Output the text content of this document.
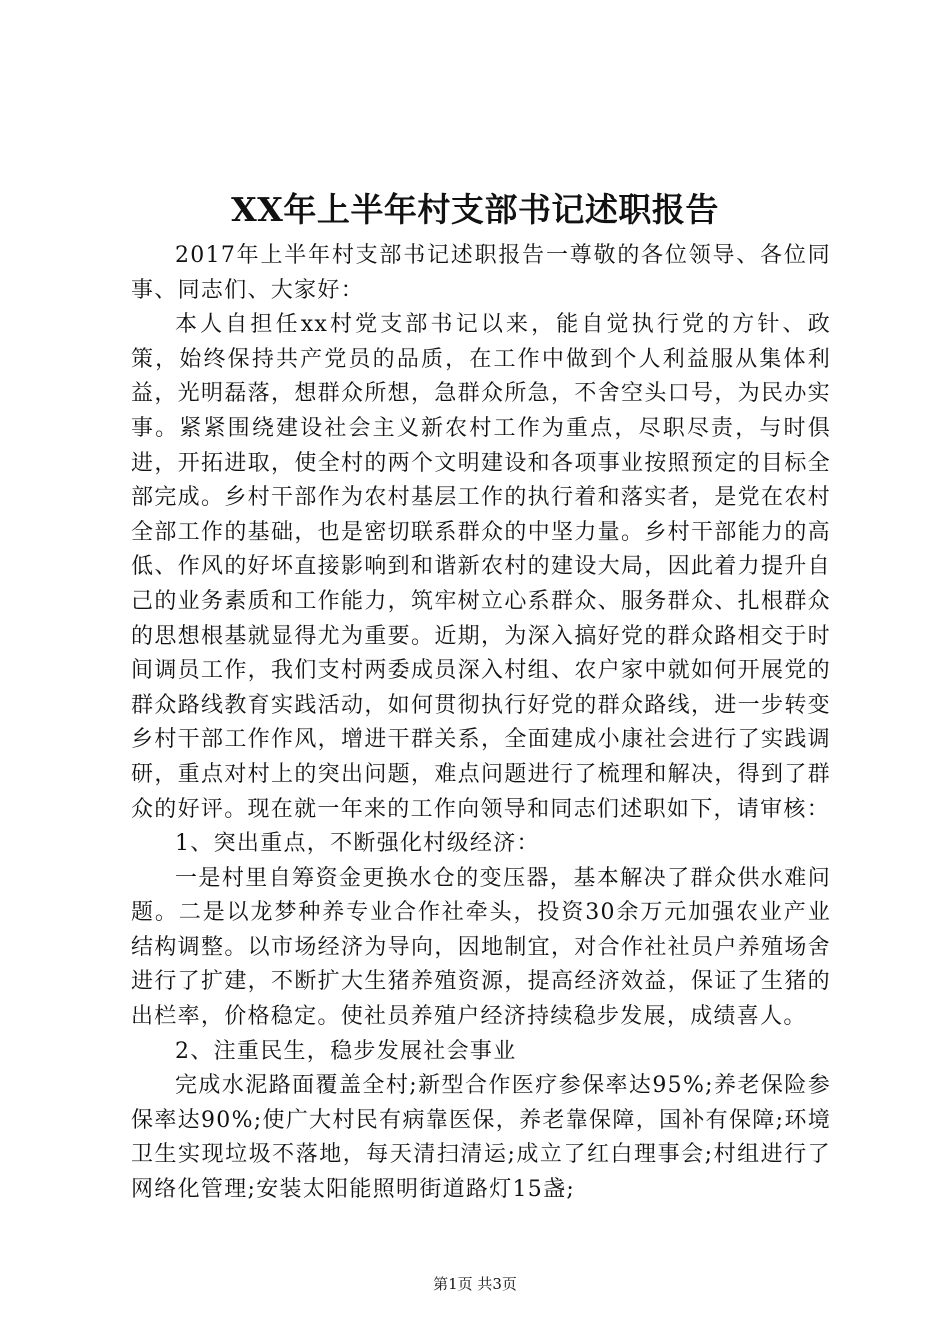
XX年上半年村支部书记述职报告

2017年上半年村支部书记述职报告一尊敬的各位领导、各位同事、同志们、大家好：

本人自担任xx村党支部书记以来，能自觉执行党的方针、政策，始终保持共产党员的品质，在工作中做到个人利益服从集体利益，光明磊落，想群众所想，急群众所急，不舍空头口号，为民办实事。紧紧围绕建设社会主义新农村工作为重点，尽职尽责，与时俱进，开拓进取，使全村的两个文明建设和各项事业按照预定的目标全部完成。乡村干部作为农村基层工作的执行着和落实者，是党在农村全部工作的基础，也是密切联系群众的中坚力量。乡村干部能力的高低、作风的好坏直接影响到和谐新农村的建设大局，因此着力提升自己的业务素质和工作能力，筑牢树立心系群众、服务群众、扎根群众的思想根基就显得尤为重要。近期，为深入搞好党的群众路相交于时间调员工作，我们支村两委成员深入村组、农户家中就如何开展党的群众路线教育实践活动，如何贯彻执行好党的群众路线，进一步转变乡村干部工作作风，增进干群关系，全面建成小康社会进行了实践调研，重点对村上的突出问题，难点问题进行了梳理和解决，得到了群众的好评。现在就一年来的工作向领导和同志们述职如下，请审核：

1、突出重点，不断强化村级经济：

一是村里自筹资金更换水仓的变压器，基本解决了群众供水难问题。二是以龙梦种养专业合作社牵头，投资30余万元加强农业产业结构调整。以市场经济为导向，因地制宜，对合作社社员户养殖场舍进行了扩建，不断扩大生猪养殖资源，提高经济效益，保证了生猪的出栏率，价格稳定。使社员养殖户经济持续稳步发展，成绩喜人。

2、注重民生，稳步发展社会事业

完成水泥路面覆盖全村;新型合作医疗参保率达95%;养老保险参保率达90%;使广大村民有病靠医保，养老靠保障，国补有保障;环境卫生实现垃圾不落地，每天清扫清运;成立了红白理事会;村组进行了网络化管理;安装太阳能照明街道路灯15盏;

第1页 共3页
